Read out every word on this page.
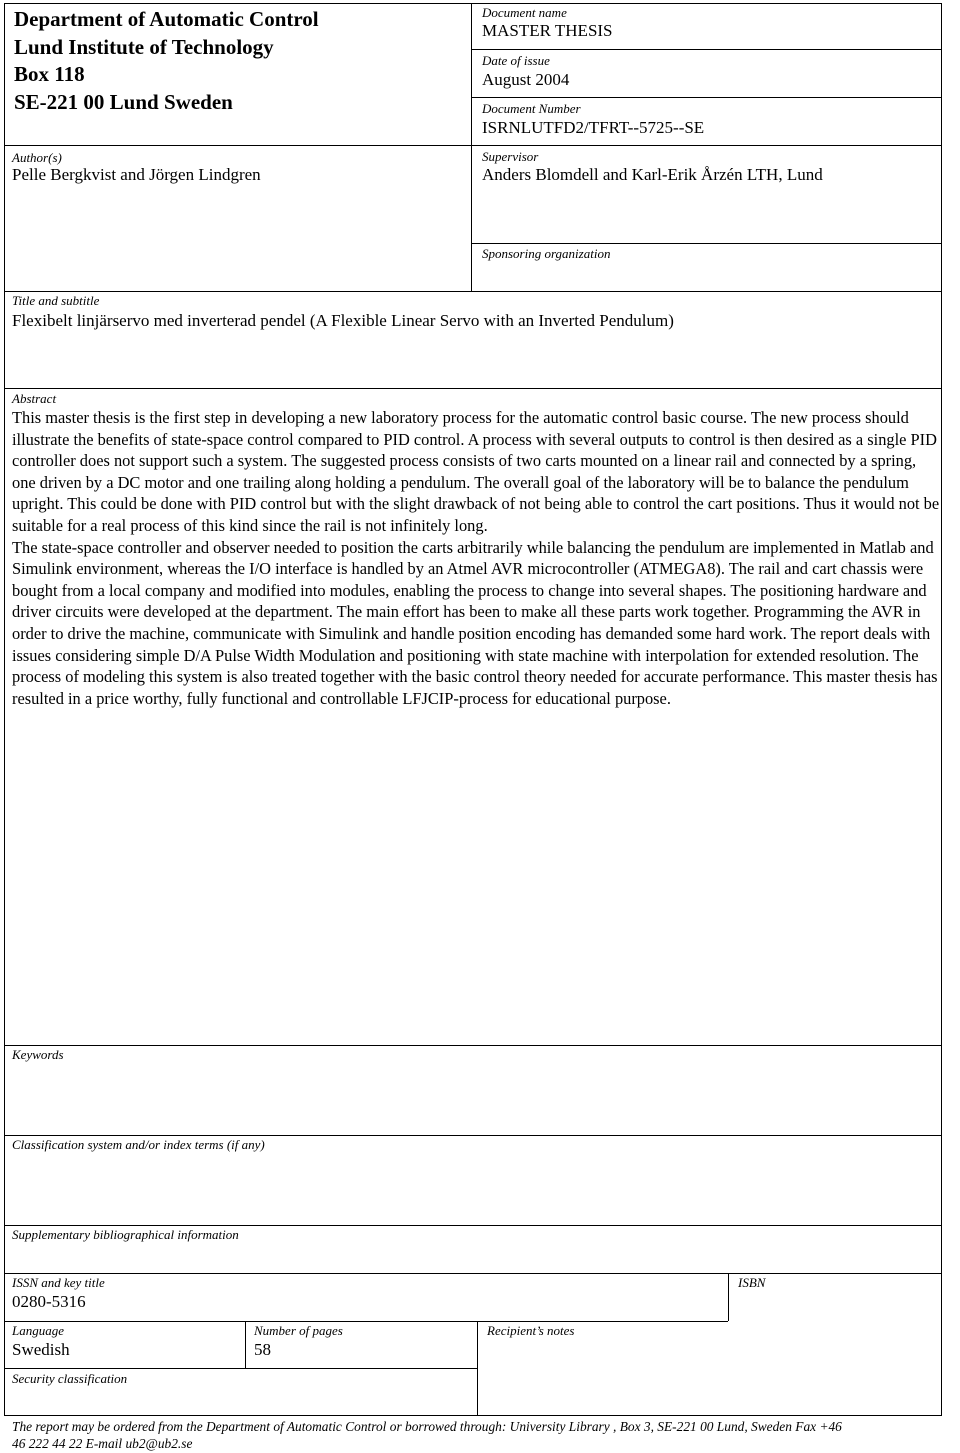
Department of Automatic Control
Lund Institute of Technology
Box 118
SE-221 00 Lund Sweden
Author(s)
Pelle Bergkvist and Jörgen Lindgren
Document name
MASTER THESIS
Date of issue
August 2004
Document Number
ISRNLUTFD2/TFRT--5725--SE
Supervisor
Anders Blomdell and Karl-Erik Årzén LTH, Lund
Sponsoring organization
Title and subtitle
Flexibelt linjärservo med inverterad pendel (A Flexible Linear Servo with an Inverted Pendulum)
Abstract

This master thesis is the first step in developing a new laboratory process for the automatic control basic course. The new process should illustrate the benefits of state-space control compared to PID control. A process with several outputs to control is then desired as a single PID controller does not support such a system. The suggested process consists of two carts mounted on a linear rail and connected by a spring, one driven by a DC motor and one trailing along holding a pendulum. The overall goal of the laboratory will be to balance the pendulum upright. This could be done with PID control but with the slight drawback of not being able to control the cart positions. Thus it would not be suitable for a real process of this kind since the rail is not infinitely long.

The state-space controller and observer needed to position the carts arbitrarily while balancing the pendulum are implemented in Matlab and Simulink environment, whereas the I/O interface is handled by an Atmel AVR microcontroller (ATMEGA8). The rail and cart chassis were bought from a local company and modified into modules, enabling the process to change into several shapes. The positioning hardware and driver circuits were developed at the department. The main effort has been to make all these parts work together. Programming the AVR in order to drive the machine, communicate with Simulink and handle position encoding has demanded some hard work. The report deals with issues considering simple D/A Pulse Width Modulation and positioning with state machine with interpolation for extended resolution. The process of modeling this system is also treated together with the basic control theory needed for accurate performance. This master thesis has resulted in a price worthy, fully functional and controllable LFJCIP-process for educational purpose.

Keywords
Classification system and/or index terms (if any)
Supplementary bibliographical information
ISSN and key title
0280-5316
ISBN
Language
Swedish
Number of pages
58
Recipient’s notes
Security classification
The report may be ordered from the Department of Automatic Control or borrowed through: University Library , Box 3, SE-221 00 Lund, Sweden Fax +46
46 222 44 22 E-mail ub2@ub2.se
